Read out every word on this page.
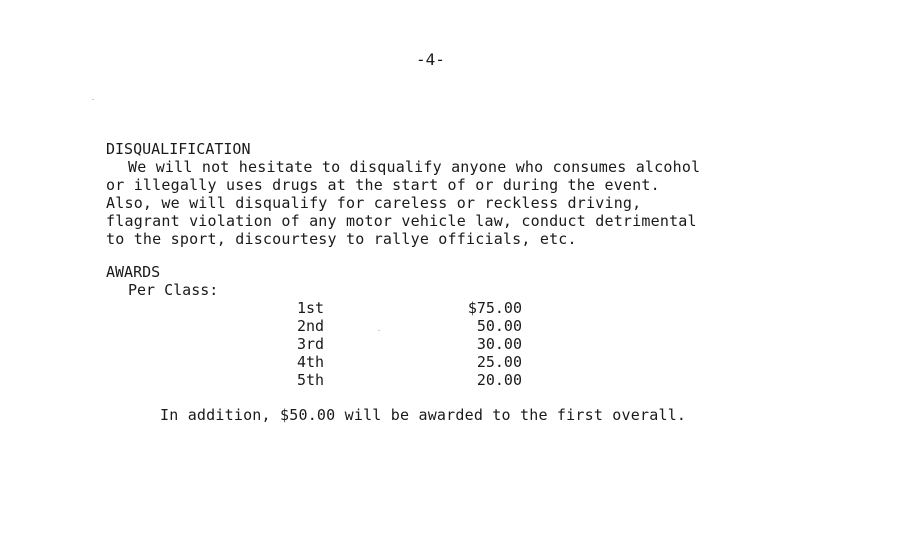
-4-
DISQUALIFICATION
We will not hesitate to disqualify anyone who consumes alcohol
or illegally uses drugs at the start of or during the event.
Also, we will disqualify for careless or reckless driving,
flagrant violation of any motor vehicle law, conduct detrimental
to the sport, discourtesy to rallye officials, etc.
AWARDS
Per Class:
1st	$75.00
2nd	50.00
3rd	30.00
4th	25.00
5th	20.00
In addition, $50.00 will be awarded to the first overall.
